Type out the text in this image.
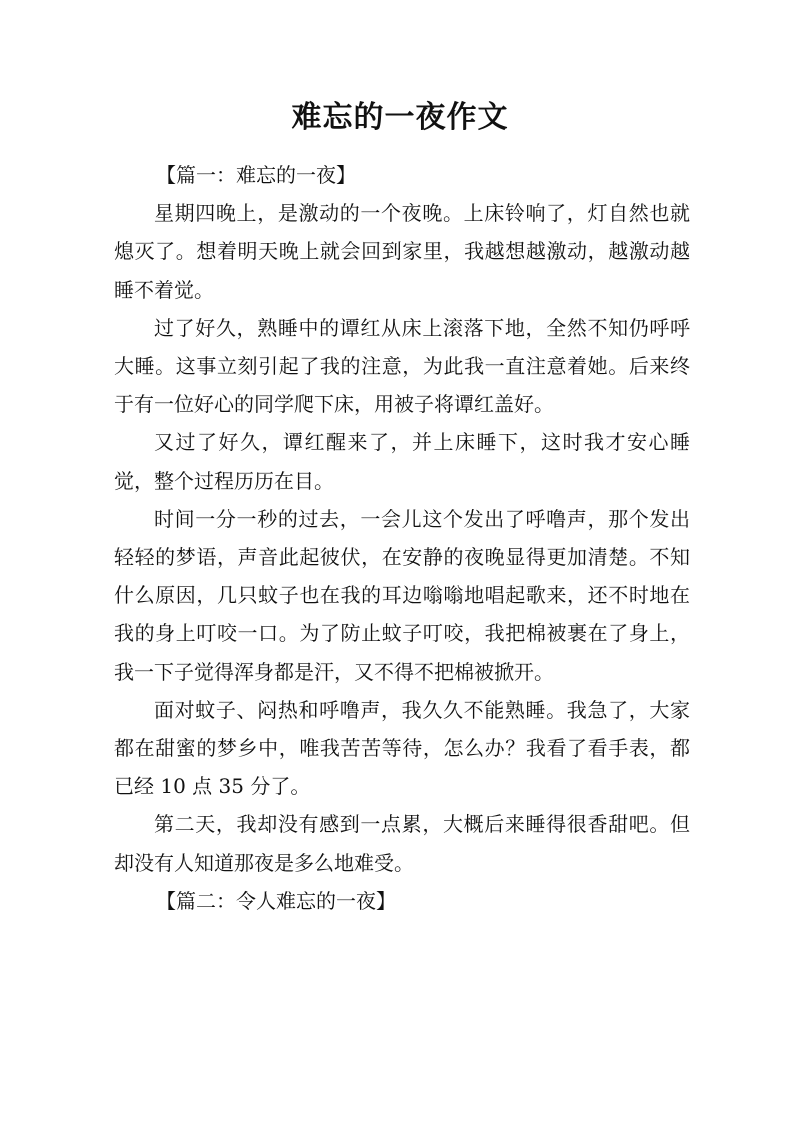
难忘的一夜作文

【篇一：难忘的一夜】

星期四晚上，是激动的一个夜晚。上床铃响了，灯自然也就熄灭了。想着明天晚上就会回到家里，我越想越激动，越激动越睡不着觉。

过了好久，熟睡中的谭红从床上滚落下地，全然不知仍呼呼大睡。这事立刻引起了我的注意，为此我一直注意着她。后来终于有一位好心的同学爬下床，用被子将谭红盖好。

又过了好久，谭红醒来了，并上床睡下，这时我才安心睡觉，整个过程历历在目。

时间一分一秒的过去，一会儿这个发出了呼噜声，那个发出轻轻的梦语，声音此起彼伏，在安静的夜晚显得更加清楚。不知什么原因，几只蚊子也在我的耳边嗡嗡地唱起歌来，还不时地在我的身上叮咬一口。为了防止蚊子叮咬，我把棉被裹在了身上，我一下子觉得浑身都是汗，又不得不把棉被掀开。

面对蚊子、闷热和呼噜声，我久久不能熟睡。我急了，大家都在甜蜜的梦乡中，唯我苦苦等待，怎么办？我看了看手表，都已经 10 点 35 分了。

第二天，我却没有感到一点累，大概后来睡得很香甜吧。但却没有人知道那夜是多么地难受。

【篇二：令人难忘的一夜】
